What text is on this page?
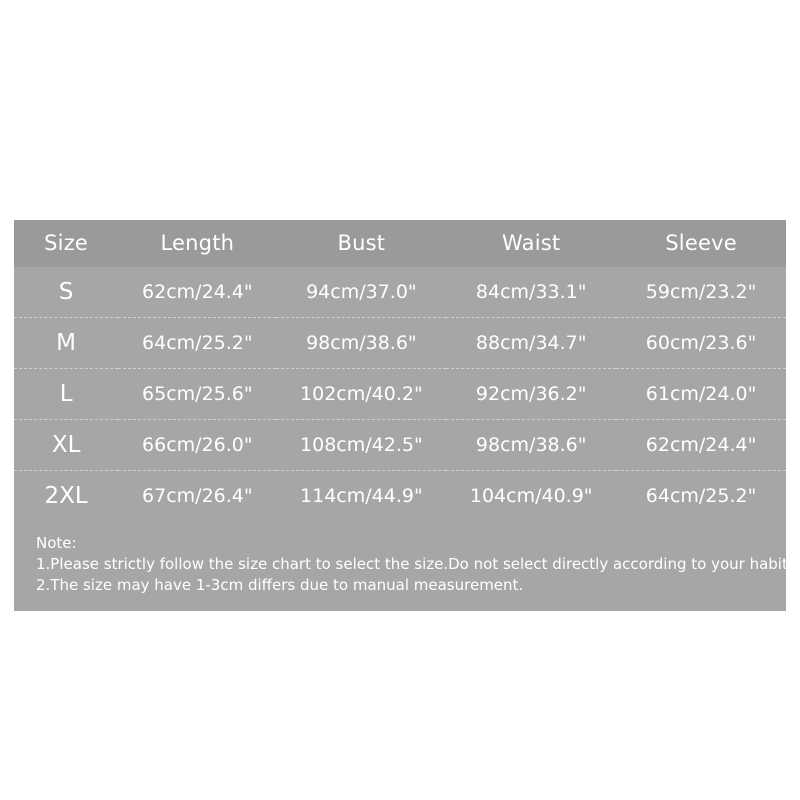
Size	Length	Bust	Waist	Sleeve
S	62cm/24.4"	94cm/37.0"	84cm/33.1"	59cm/23.2"
M	64cm/25.2"	98cm/38.6"	88cm/34.7"	60cm/23.6"
L	65cm/25.6"	102cm/40.2"	92cm/36.2"	61cm/24.0"
XL	66cm/26.0"	108cm/42.5"	98cm/38.6"	62cm/24.4"
2XL	67cm/26.4"	114cm/44.9"	104cm/40.9"	64cm/25.2"
Note:
1.Please strictly follow the size chart to select the size.Do not select directly according to your habits.
2.The size may have 1-3cm differs due to manual measurement.
